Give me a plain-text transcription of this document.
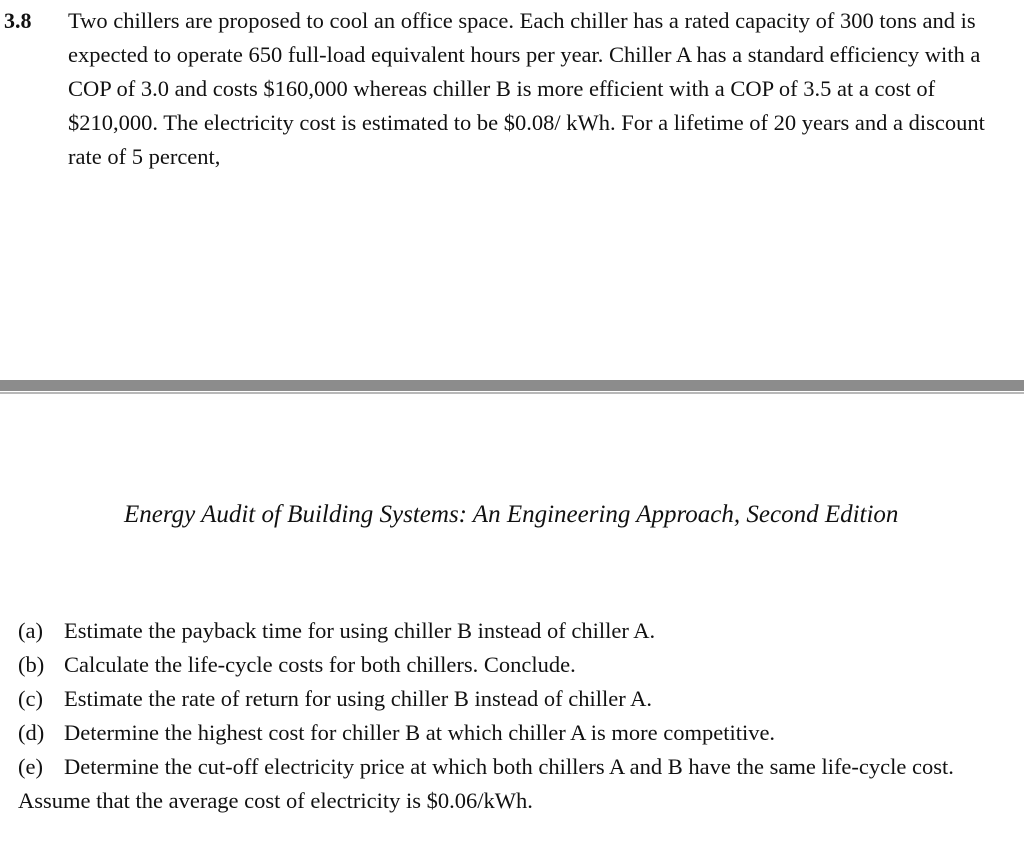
3.8 Two chillers are proposed to cool an office space. Each chiller has a rated capacity of 300 tons and is expected to operate 650 full-load equivalent hours per year. Chiller A has a standard efficiency with a COP of 3.0 and costs $160,000 whereas chiller B is more efficient with a COP of 3.5 at a cost of $210,000. The electricity cost is estimated to be $0.08/ kWh. For a lifetime of 20 years and a discount rate of 5 percent,
Energy Audit of Building Systems: An Engineering Approach, Second Edition
(a) Estimate the payback time for using chiller B instead of chiller A.
(b) Calculate the life-cycle costs for both chillers. Conclude.
(c) Estimate the rate of return for using chiller B instead of chiller A.
(d) Determine the highest cost for chiller B at which chiller A is more competitive.
(e) Determine the cut-off electricity price at which both chillers A and B have the same life-cycle cost.
Assume that the average cost of electricity is $0.06/kWh.
